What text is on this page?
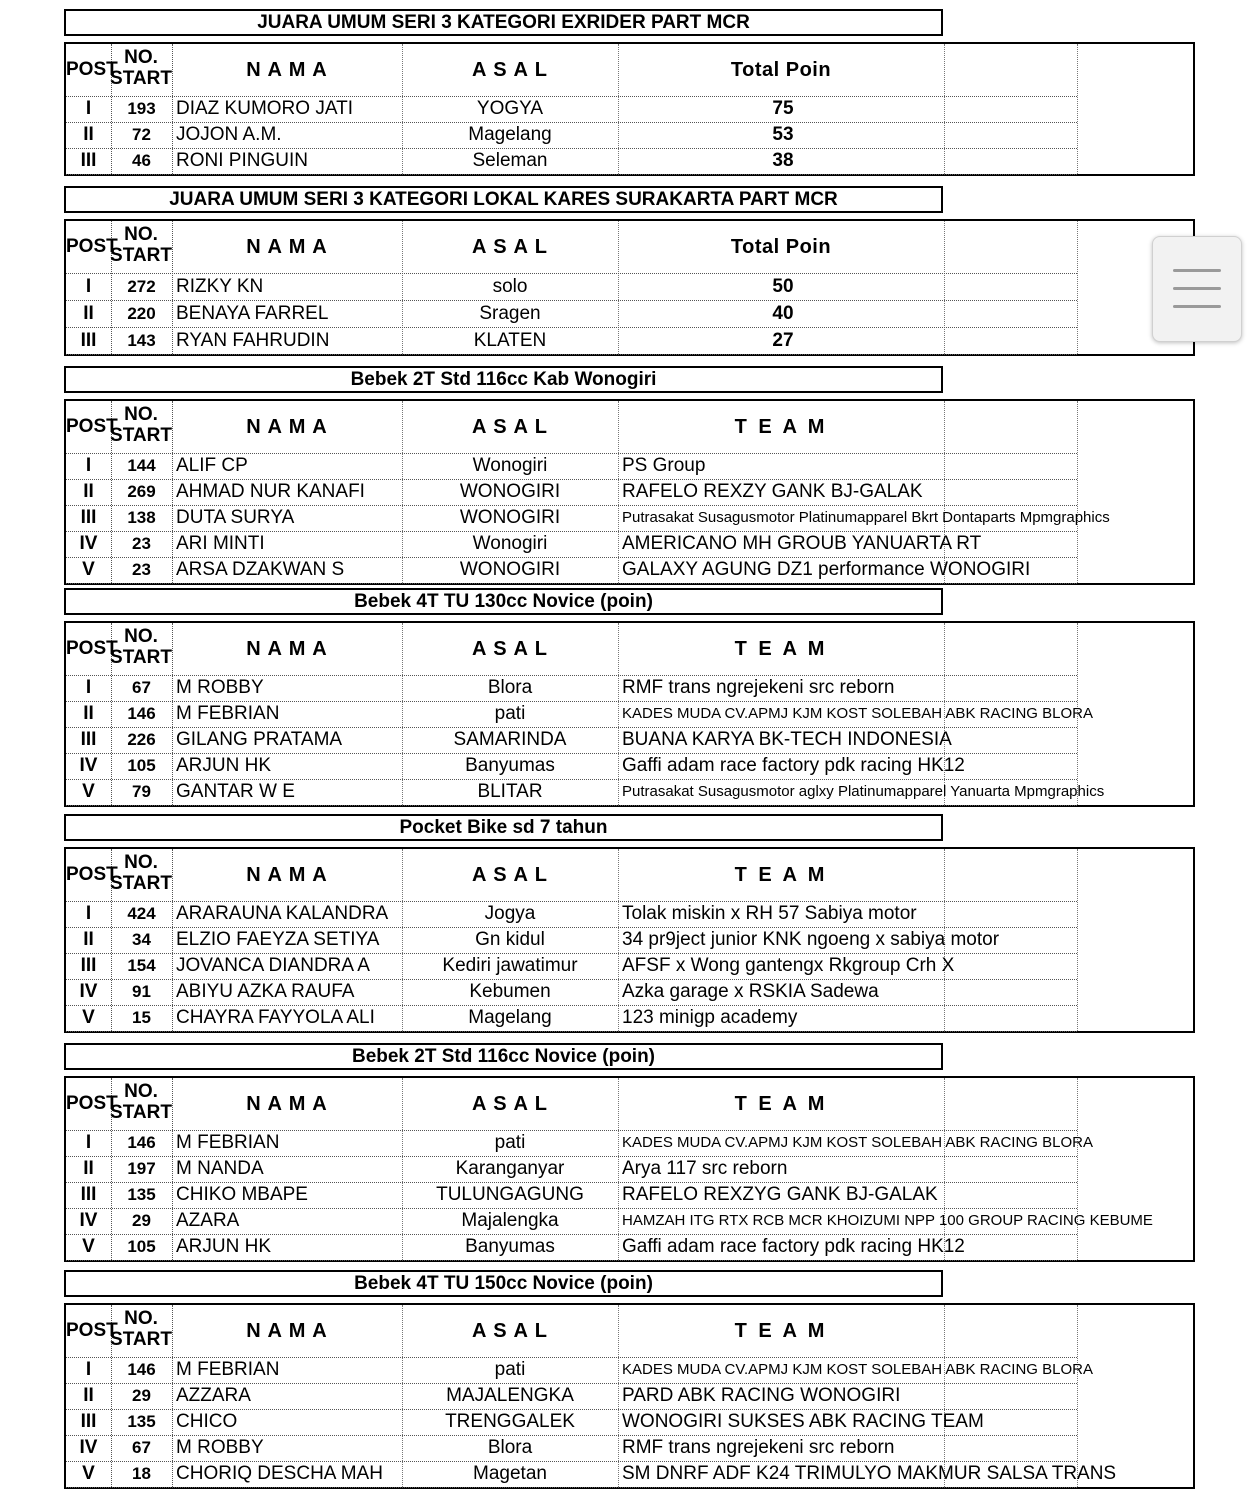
JUARA UMUM SERI 3 KATEGORI EXRIDER PART MCR
POST
NO.
START	N A M A	A S A L	Total Poin
I	193	DIAZ KUMORO JATI	YOGYA	75
II	72	JOJON A.M.	Magelang	53
III	46	RONI PINGUIN	Seleman	38
JUARA UMUM SERI 3 KATEGORI LOKAL KARES SURAKARTA PART MCR
POST
NO.
START	N A M A	A S A L	Total Poin
I	272	RIZKY KN	solo	50
II	220	BENAYA FARREL	Sragen	40
III	143	RYAN FAHRUDIN	KLATEN	27
Bebek 2T Std 116cc Kab Wonogiri
POST
NO.
START	N A M A	A S A L	T E A M
I	144	ALIF CP	Wonogiri	PS Group
II	269	AHMAD NUR KANAFI	WONOGIRI	RAFELO REXZY GANK BJ-GALAK
III	138	DUTA SURYA	WONOGIRI	Putrasakat Susagusmotor Platinumapparel Bkrt Dontaparts Mpmgraphics
IV	23	ARI MINTI	Wonogiri	AMERICANO MH GROUB YANUARTA RT
V	23	ARSA DZAKWAN S	WONOGIRI	GALAXY AGUNG DZ1 performance WONOGIRI
Bebek 4T TU 130cc Novice (poin)
POST
NO.
START	N A M A	A S A L	T E A M
I	67	M ROBBY	Blora	RMF trans ngrejekeni src reborn
II	146	M FEBRIAN	pati	KADES MUDA CV.APMJ KJM KOST SOLEBAH ABK RACING BLORA
III	226	GILANG PRATAMA	SAMARINDA	BUANA KARYA BK-TECH INDONESIA
IV	105	ARJUN HK	Banyumas	Gaffi adam race factory pdk racing HK12
V	79	GANTAR W E	BLITAR	Putrasakat Susagusmotor aglxy Platinumapparel Yanuarta Mpmgraphics
Pocket Bike sd 7 tahun
POST
NO.
START	N A M A	A S A L	T E A M
I	424	ARARAUNA KALANDRA	Jogya	Tolak miskin x RH 57 Sabiya motor
II	34	ELZIO FAEYZA SETIYA	Gn kidul	34 pr9ject junior KNK ngoeng x sabiya motor
III	154	JOVANCA DIANDRA A	Kediri jawatimur	AFSF x Wong gantengx Rkgroup Crh X
IV	91	ABIYU AZKA RAUFA	Kebumen	Azka garage x RSKIA Sadewa
V	15	CHAYRA FAYYOLA ALI	Magelang	123 minigp academy
Bebek 2T Std 116cc Novice (poin)
POST
NO.
START	N A M A	A S A L	T E A M
I	146	M FEBRIAN	pati	KADES MUDA CV.APMJ KJM KOST SOLEBAH ABK RACING BLORA
II	197	M NANDA	Karanganyar	Arya 117 src reborn
III	135	CHIKO MBAPE	TULUNGAGUNG	RAFELO REXZYG GANK BJ-GALAK
IV	29	AZARA	Majalengka	HAMZAH ITG RTX RCB MCR KHOIZUMI NPP 100 GROUP RACING KEBUME
V	105	ARJUN HK	Banyumas	Gaffi adam race factory pdk racing HK12
Bebek 4T TU 150cc Novice (poin)
POST
NO.
START	N A M A	A S A L	T E A M
I	146	M FEBRIAN	pati	KADES MUDA CV.APMJ KJM KOST SOLEBAH ABK RACING BLORA
II	29	AZZARA	MAJALENGKA	PARD ABK RACING WONOGIRI
III	135	CHICO	TRENGGALEK	WONOGIRI SUKSES ABK RACING TEAM
IV	67	M ROBBY	Blora	RMF trans ngrejekeni src reborn
V	18	CHORIQ DESCHA MAH	Magetan	SM DNRF ADF K24 TRIMULYO MAKMUR SALSA TRANS
